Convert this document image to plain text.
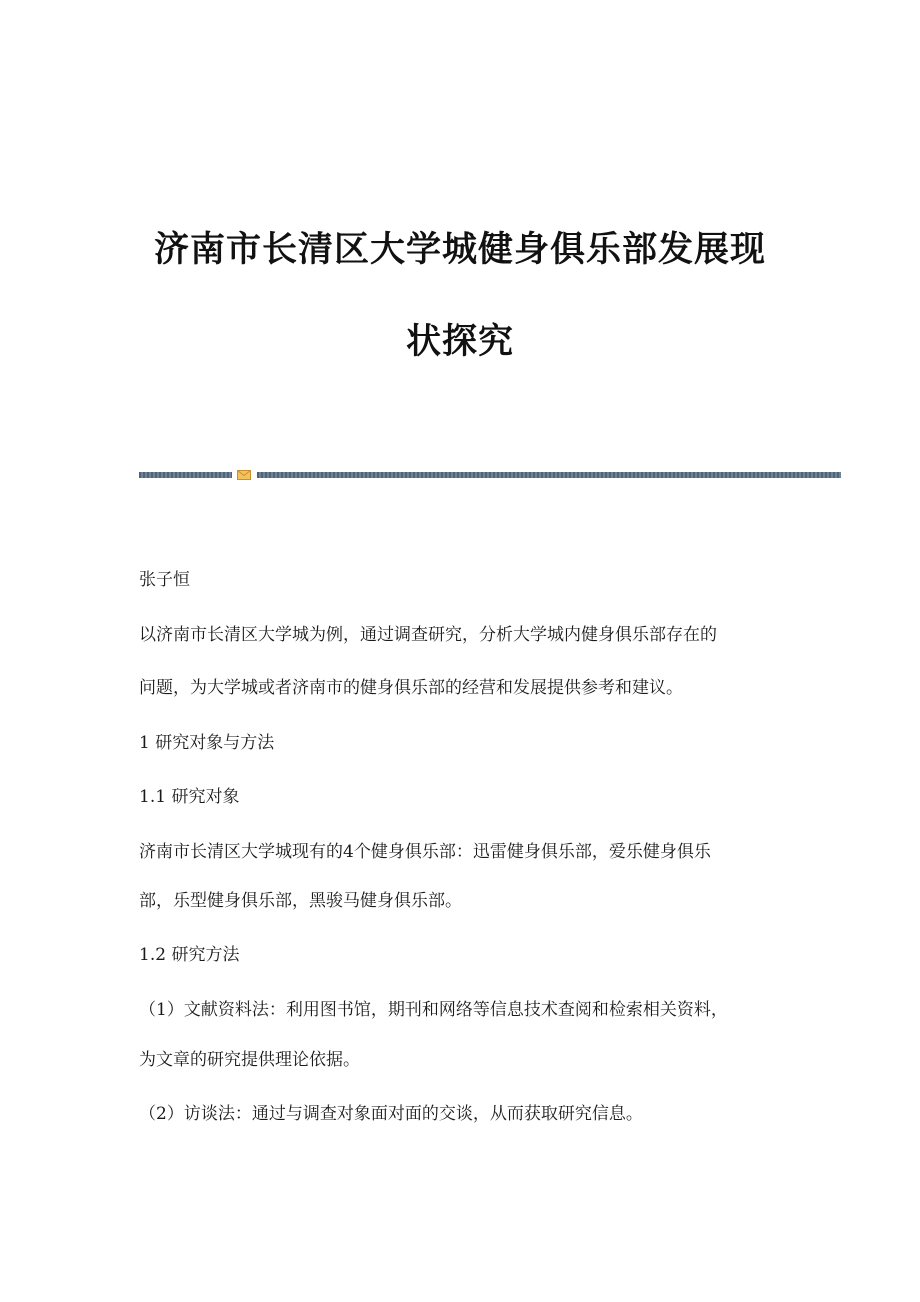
济南市长清区大学城健身俱乐部发展现
状探究

张子恒

以济南市长清区大学城为例，通过调查研究，分析大学城内健身俱乐部存在的

问题，为大学城或者济南市的健身俱乐部的经营和发展提供参考和建议。

1 研究对象与方法

1.1 研究对象

济南市长清区大学城现有的4个健身俱乐部：迅雷健身俱乐部，爱乐健身俱乐

部，乐型健身俱乐部，黑骏马健身俱乐部。

1.2 研究方法

（1）文献资料法：利用图书馆，期刊和网络等信息技术查阅和检索相关资料，

为文章的研究提供理论依据。

（2）访谈法：通过与调查对象面对面的交谈，从而获取研究信息。
